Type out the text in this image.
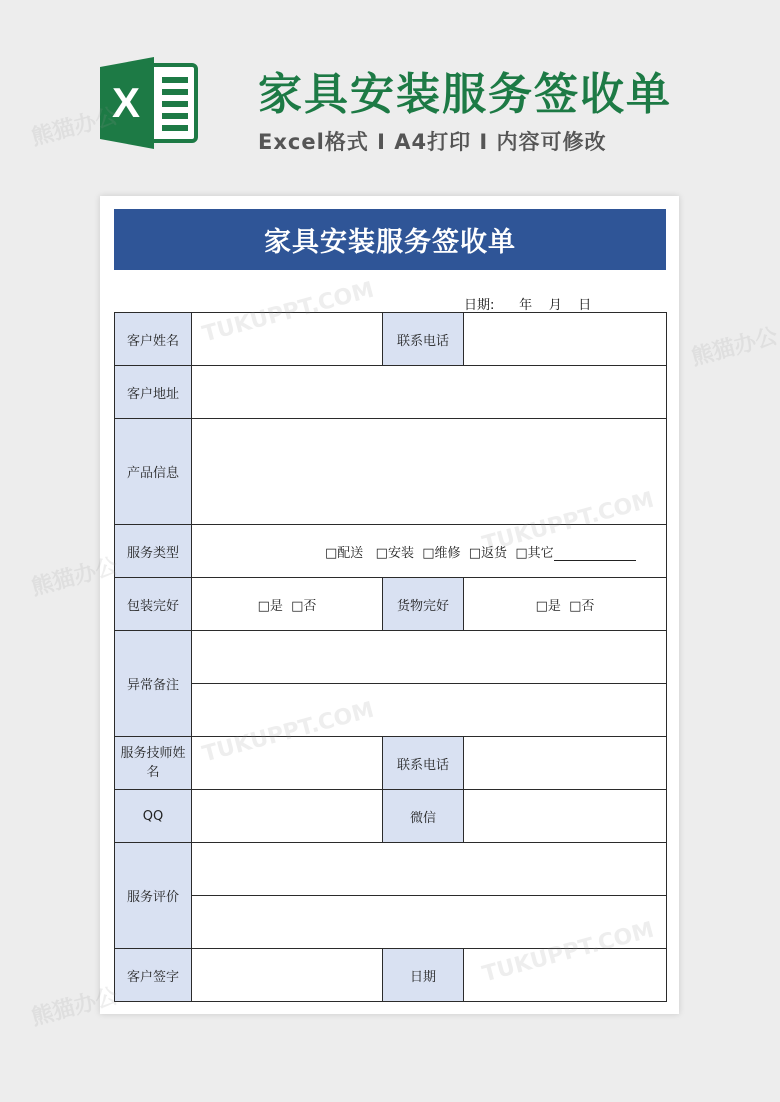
X	家具安装服务签收单
Excel格式 I A4打印 I 内容可修改
家具安装服务签收单
日期:      年    月    日
客户姓名		联系电话	
客户地址			
产品信息			
服务类型	□配送   □安装  □维修  □返货  □其它		
包装完好	□是  □否	货物完好	□是  □否
异常备注			

服务技师姓名		联系电话	
QQ		微信	
服务评价			

客户签字		日期	
熊猫办公
熊猫办公
熊猫办公
熊猫办公
